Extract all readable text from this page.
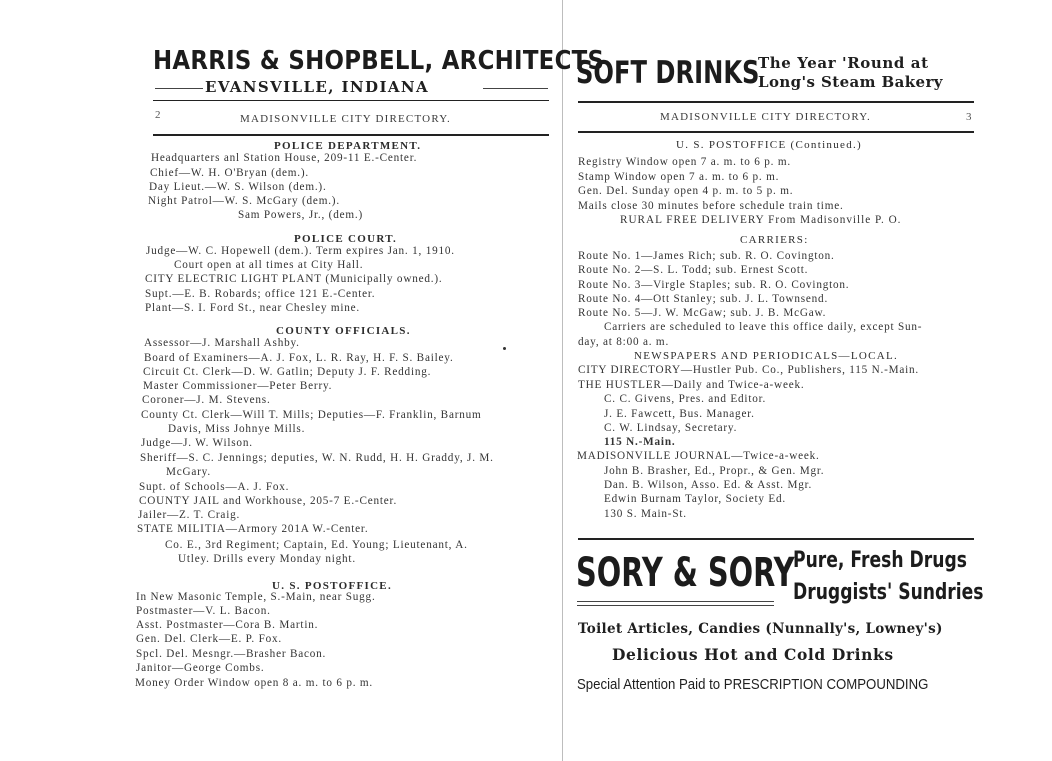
HARRIS & SHOPBELL, ARCHITECTS
EVANSVILLE, INDIANA
2	MADISONVILLE CITY DIRECTORY.
POLICE DEPARTMENT.
Headquarters anl Station House, 209-11 E.-Center.
Chief—W. H. O'Bryan (dem.).
Day Lieut.—W. S. Wilson (dem.).
Night Patrol—W. S. McGary (dem.).
Sam Powers, Jr., (dem.)
POLICE COURT.
Judge—W. C. Hopewell (dem.). Term expires Jan. 1, 1910.
Court open at all times at City Hall.
CITY ELECTRIC LIGHT PLANT (Municipally owned.).
Supt.—E. B. Robards; office 121 E.-Center.
Plant—S. I. Ford St., near Chesley mine.
COUNTY OFFICIALS.
Assessor—J. Marshall Ashby.
Board of Examiners—A. J. Fox, L. R. Ray, H. F. S. Bailey.
Circuit Ct. Clerk—D. W. Gatlin; Deputy J. F. Redding.
Master Commissioner—Peter Berry.
Coroner—J. M. Stevens.
County Ct. Clerk—Will T. Mills; Deputies—F. Franklin, Barnum
Davis, Miss Johnye Mills.
Judge—J. W. Wilson.
Sheriff—S. C. Jennings; deputies, W. N. Rudd, H. H. Graddy, J. M.
McGary.
Supt. of Schools—A. J. Fox.
COUNTY JAIL and Workhouse, 205-7 E.-Center.
Jailer—Z. T. Craig.
STATE MILITIA—Armory 201A W.-Center.
Co. E., 3rd Regiment; Captain, Ed. Young; Lieutenant, A.
Utley. Drills every Monday night.
U. S. POSTOFFICE.
In New Masonic Temple, S.-Main, near Sugg.
Postmaster—V. L. Bacon.
Asst. Postmaster—Cora B. Martin.
Gen. Del. Clerk—E. P. Fox.
Spcl. Del. Mesngr.—Brasher Bacon.
Janitor—George Combs.
Money Order Window open 8 a. m. to 6 p. m.
SOFT DRINKS
The Year 'Round at
Long's Steam Bakery
MADISONVILLE CITY DIRECTORY.	3
U. S. POSTOFFICE (Continued.)
Registry Window open 7 a. m. to 6 p. m.
Stamp Window open 7 a. m. to 6 p. m.
Gen. Del. Sunday open 4 p. m. to 5 p. m.
Mails close 30 minutes before schedule train time.
RURAL FREE DELIVERY From Madisonville P. O.
CARRIERS:
Route No. 1—James Rich; sub. R. O. Covington.
Route No. 2—S. L. Todd; sub. Ernest Scott.
Route No. 3—Virgle Staples; sub. R. O. Covington.
Route No. 4—Ott Stanley; sub. J. L. Townsend.
Route No. 5—J. W. McGaw; sub. J. B. McGaw.
Carriers are scheduled to leave this office daily, except Sun-
day, at 8:00 a. m.
NEWSPAPERS AND PERIODICALS—LOCAL.
CITY DIRECTORY—Hustler Pub. Co., Publishers, 115 N.-Main.
THE HUSTLER—Daily and Twice-a-week.
C. C. Givens, Pres. and Editor.
J. E. Fawcett, Bus. Manager.
C. W. Lindsay, Secretary.
115 N.-Main.
MADISONVILLE JOURNAL—Twice-a-week.
John B. Brasher, Ed., Propr., & Gen. Mgr.
Dan. B. Wilson, Asso. Ed. & Asst. Mgr.
Edwin Burnam Taylor, Society Ed.
130 S. Main-St.
SORY & SORY
Pure, Fresh Drugs
Druggists' Sundries
Toilet Articles, Candies (Nunnally's, Lowney's)
Delicious Hot and Cold Drinks
Special Attention Paid to PRESCRIPTION COMPOUNDING
